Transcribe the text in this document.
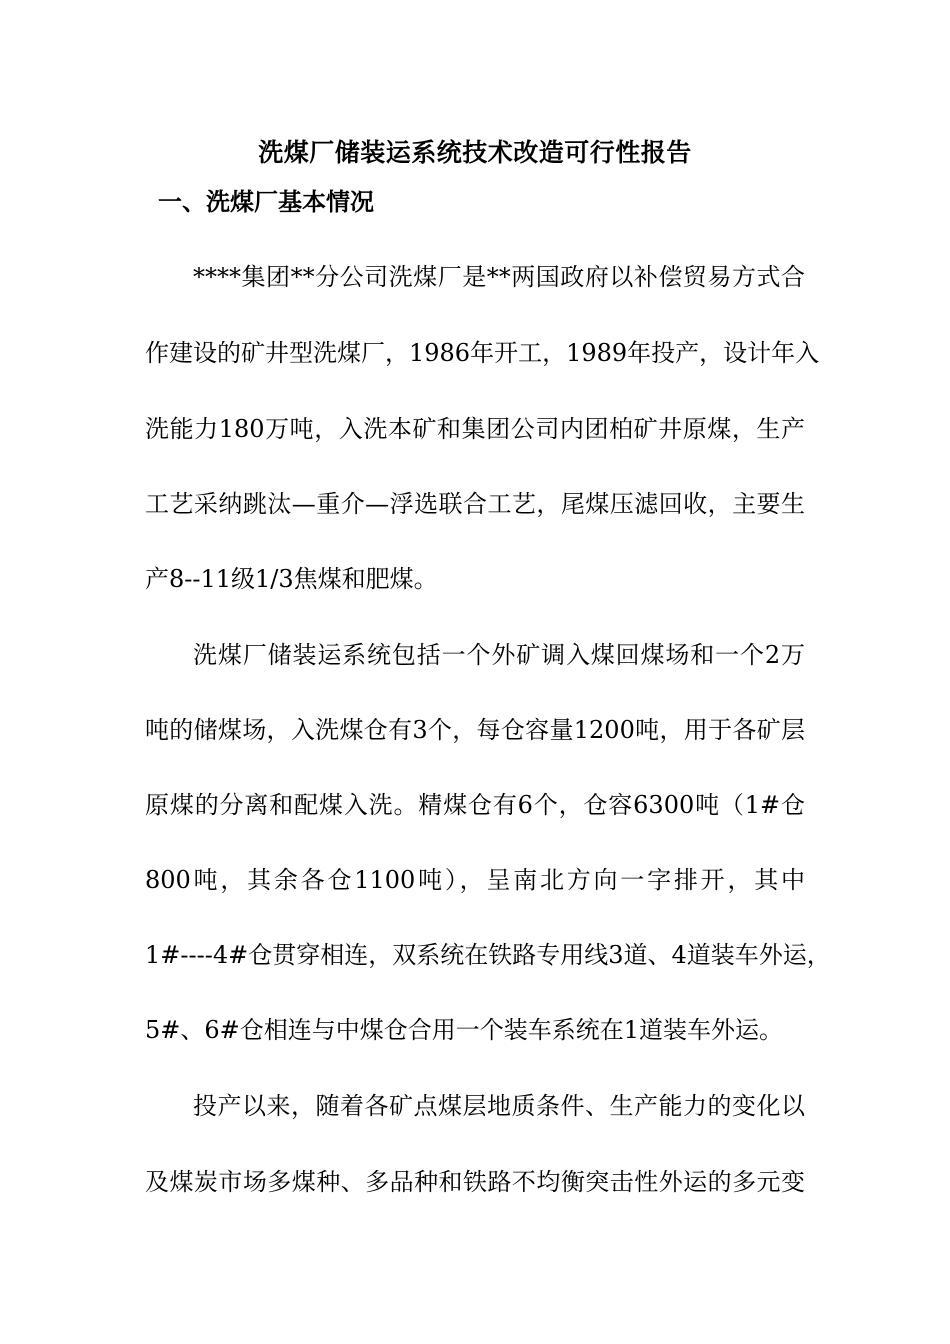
洗煤厂储装运系统技术改造可行性报告
一、洗煤厂基本情况
****集团**分公司洗煤厂是**两国政府以补偿贸易方式合
作建设的矿井型洗煤厂，1986年开工，1989年投产，设计年入
洗能力180万吨，入洗本矿和集团公司内团柏矿井原煤，生产
工艺采纳跳汰—重介—浮选联合工艺，尾煤压滤回收，主要生
产8--11级1/3焦煤和肥煤。
洗煤厂储装运系统包括一个外矿调入煤回煤场和一个2万
吨的储煤场，入洗煤仓有3个，每仓容量1200吨，用于各矿层
原煤的分离和配煤入洗。精煤仓有6个，仓容6300吨（1#仓
800吨，其余各仓1100吨），呈南北方向一字排开，其中
1#----4#仓贯穿相连，双系统在铁路专用线3道、4道装车外运，
5#、6#仓相连与中煤仓合用一个装车系统在1道装车外运。
投产以来，随着各矿点煤层地质条件、生产能力的变化以
及煤炭市场多煤种、多品种和铁路不均衡突击性外运的多元变
